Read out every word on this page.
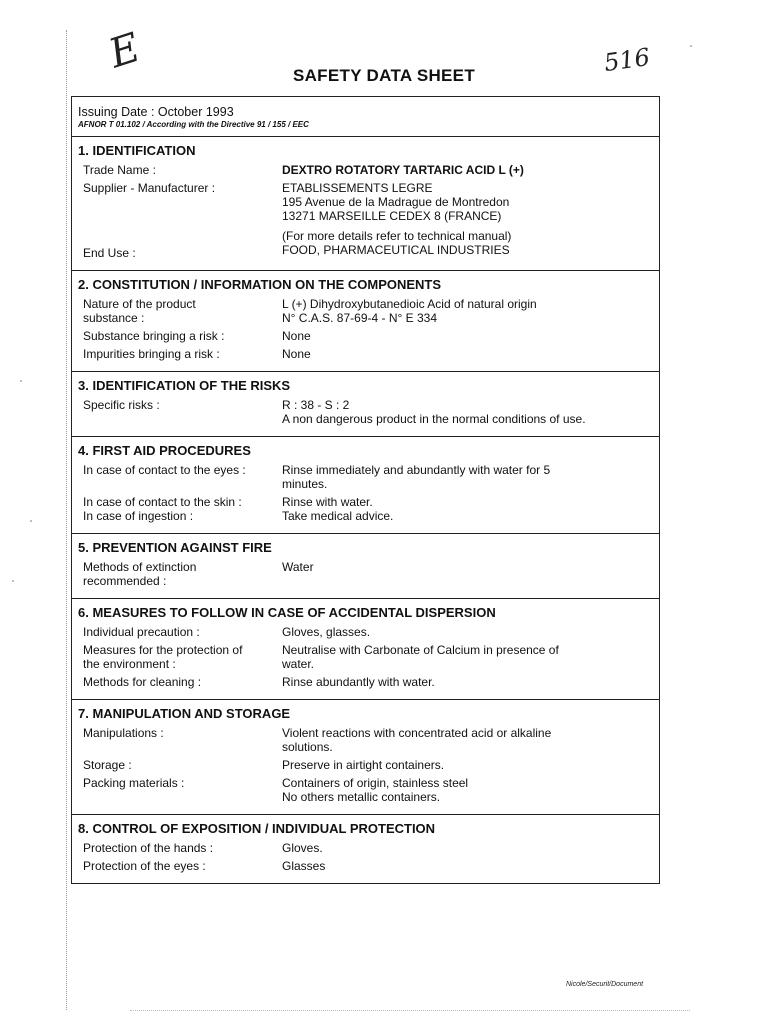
E	516
SAFETY DATA SHEET
Issuing Date : October 1993
AFNOR T 01.102 / According with the Directive 91 / 155 / EEC
1. IDENTIFICATION
Trade Name :	DEXTRO ROTATORY TARTARIC ACID L (+)
Supplier - Manufacturer :	ETABLISSEMENTS LEGRE
195 Avenue de la Madrague de Montredon
13271 MARSEILLE CEDEX 8 (FRANCE)
(For more details refer to technical manual)
End Use :	FOOD, PHARMACEUTICAL INDUSTRIES
2. CONSTITUTION / INFORMATION ON THE COMPONENTS
Nature of the product
substance :
L (+) Dihydroxybutanedioic Acid of natural origin
N° C.A.S. 87-69-4 - N° E 334
Substance bringing a risk :	None
Impurities bringing a risk :	None
3. IDENTIFICATION OF THE RISKS
Specific risks :	R : 38 - S : 2
A non dangerous product in the normal conditions of use.
4. FIRST AID PROCEDURES
In case of contact to the eyes :	Rinse immediately and abundantly with water for 5
minutes.
In case of contact to the skin :	Rinse with water.
In case of ingestion :	Take medical advice.
5. PREVENTION AGAINST FIRE
Methods of extinction
recommended :
Water
6. MEASURES TO FOLLOW IN CASE OF ACCIDENTAL DISPERSION
Individual precaution :	Gloves, glasses.
Measures for the protection of
the environment :
Neutralise with Carbonate of Calcium in presence of
water.
Methods for cleaning :	Rinse abundantly with water.
7. MANIPULATION AND STORAGE
Manipulations :	Violent reactions with concentrated acid or alkaline
solutions.
Storage :	Preserve in airtight containers.
Packing materials :	Containers of origin, stainless steel
No others metallic containers.
8. CONTROL OF EXPOSITION / INDIVIDUAL PROTECTION
Protection of the hands :	Gloves.
Protection of the eyes :	Glasses
Nicole/Securit/Document
